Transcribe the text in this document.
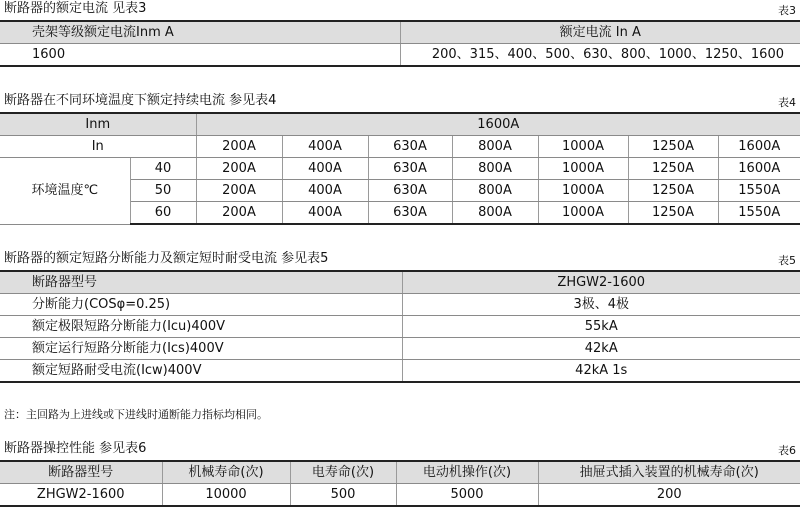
断路器的额定电流 见表3	表3
壳架等级额定电流Inm A	额定电流 In A
1600	200、315、400、500、630、800、1000、1250、1600
断路器在不同环境温度下额定持续电流 参见表4	表4
Inm		1600A						
In		200A	400A	630A	800A	1000A	1250A	1600A
环境温度℃	40	200A	400A	630A	800A	1000A	1250A	1600A
	50	200A	400A	630A	800A	1000A	1250A	1550A
	60	200A	400A	630A	800A	1000A	1250A	1550A
断路器的额定短路分断能力及额定短时耐受电流 参见表5	表5
断路器型号	ZHGW2-1600
分断能力(COSφ=0.25)	3极、4极
额定极限短路分断能力(Icu)400V	55kA
额定运行短路分断能力(Ics)400V	42kA
额定短路耐受电流(Icw)400V	42kA 1s
注：主回路为上进线或下进线时通断能力指标均相同。
断路器操控性能 参见表6	表6
断路器型号	机械寿命(次)	电寿命(次)	电动机操作(次)	抽屉式插入装置的机械寿命(次)
ZHGW2-1600	10000	500	5000	200
